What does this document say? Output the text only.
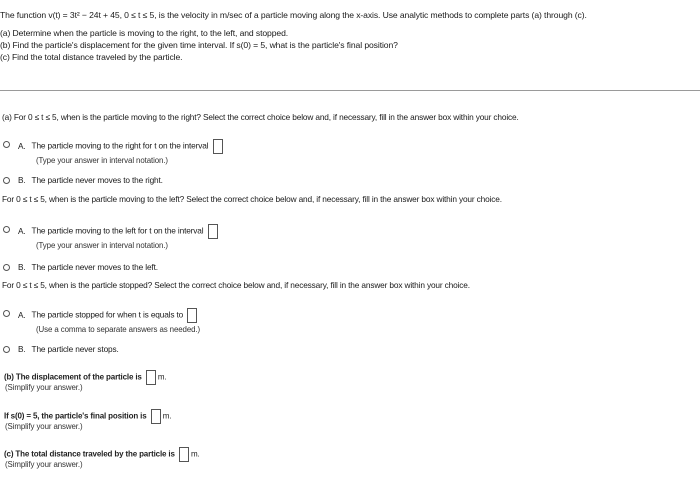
The function v(t) = 3t² − 24t + 45, 0 ≤ t ≤ 5, is the velocity in m/sec of a particle moving along the x-axis. Use analytic methods to complete parts (a) through (c).
(a) Determine when the particle is moving to the right, to the left, and stopped.
(b) Find the particle's displacement for the given time interval. If s(0) = 5, what is the particle's final position?
(c) Find the total distance traveled by the particle.
(a) For 0 ≤ t ≤ 5, when is the particle moving to the right? Select the correct choice below and, if necessary, fill in the answer box within your choice.
A. The particle moving to the right for t on the interval
(Type your answer in interval notation.)
B. The particle never moves to the right.
For 0 ≤ t ≤ 5, when is the particle moving to the left? Select the correct choice below and, if necessary, fill in the answer box within your choice.
A. The particle moving to the left for t on the interval
(Type your answer in interval notation.)
B. The particle never moves to the left.
For 0 ≤ t ≤ 5, when is the particle stopped? Select the correct choice below and, if necessary, fill in the answer box within your choice.
A. The particle stopped for when t is equals to
(Use a comma to separate answers as needed.)
B. The particle never stops.
(b) The displacement of the particle is m.
(Simplify your answer.)
If s(0) = 5, the particle's final position is m.
(Simplify your answer.)
(c) The total distance traveled by the particle is m.
(Simplify your answer.)
